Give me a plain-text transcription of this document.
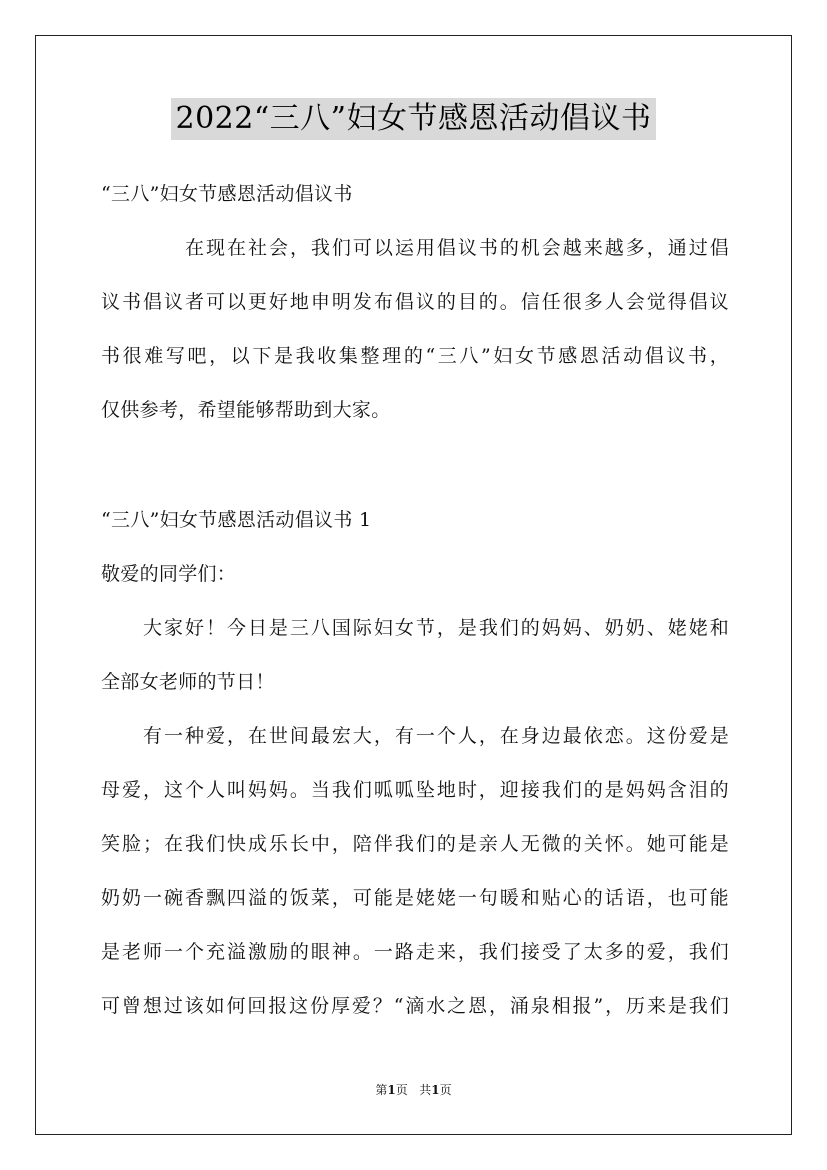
2022“三八”妇女节感恩活动倡议书
“三八”妇女节感恩活动倡议书
在现在社会，我们可以运用倡议书的机会越来越多，通过倡
议书倡议者可以更好地申明发布倡议的目的。信任很多人会觉得倡议
书很难写吧，以下是我收集整理的“三八”妇女节感恩活动倡议书，
仅供参考，希望能够帮助到大家。
“三八”妇女节感恩活动倡议书 1
敬爱的同学们：
大家好！今日是三八国际妇女节，是我们的妈妈、奶奶、姥姥和
全部女老师的节日！
有一种爱，在世间最宏大，有一个人，在身边最依恋。这份爱是
母爱，这个人叫妈妈。当我们呱呱坠地时，迎接我们的是妈妈含泪的
笑脸；在我们快成乐长中，陪伴我们的是亲人无微的关怀。她可能是
奶奶一碗香飘四溢的饭菜，可能是姥姥一句暖和贴心的话语，也可能
是老师一个充溢激励的眼神。一路走来，我们接受了太多的爱，我们
可曾想过该如何回报这份厚爱？“滴水之恩，涌泉相报”，历来是我们
第1页 共1页
